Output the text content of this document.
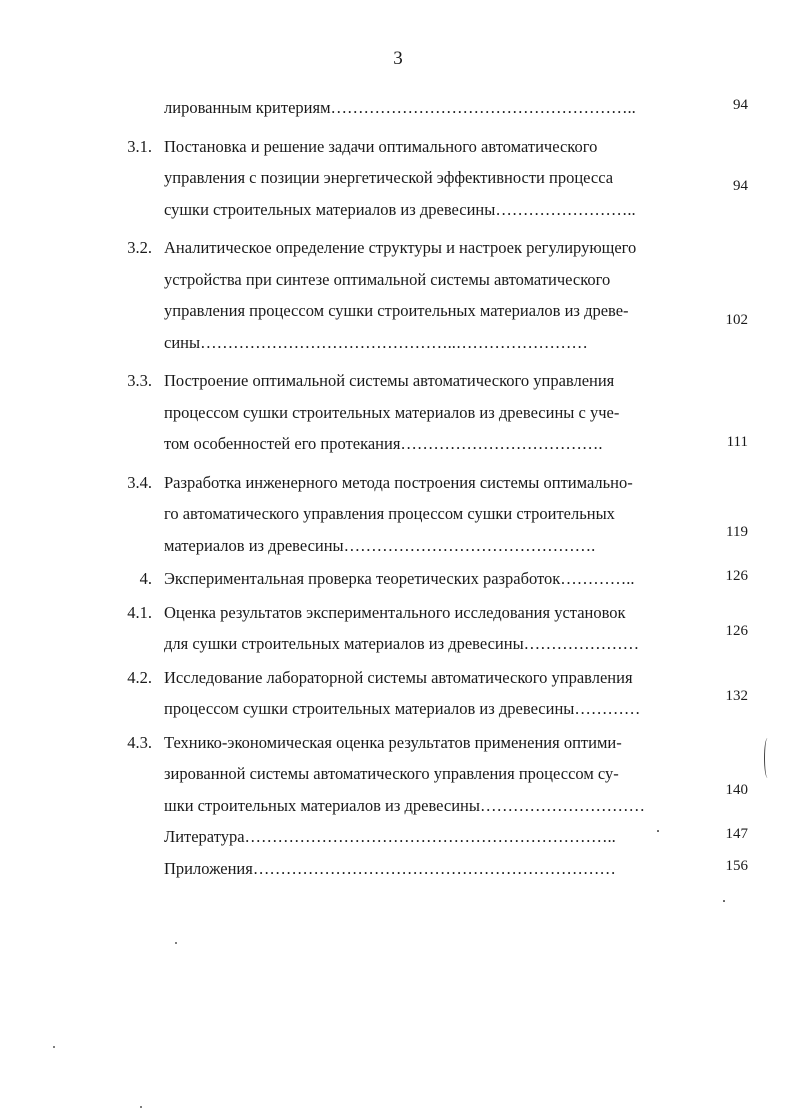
3
лированным критериям………………………………………………..	94
3.1. Постановка и решение задачи оптимального автоматического
управления с позиции энергетической эффективности процесса
сушки строительных материалов из древесины……………………..
94
3.2. Аналитическое определение структуры и настроек регулирующего
устройства при синтезе оптимальной системы автоматического
управления процессом сушки строительных материалов из древе-
сины………………………………………..……………………
102
3.3. Построение оптимальной системы автоматического управления
процессом сушки строительных материалов из древесины с уче-
том особенностей его протекания……………………………….	111
3.4. Разработка инженерного метода построения системы оптимально-
го автоматического управления процессом сушки строительных
материалов из древесины……………………………………….
119
4. Экспериментальная проверка теоретических разработок…………..	126
4.1. Оценка результатов экспериментального исследования установок
для сушки строительных материалов из древесины…………………
126
4.2. Исследование лабораторной системы автоматического управления
процессом сушки строительных материалов из древесины…………
132
4.3. Технико-экономическая оценка результатов применения оптими-
зированной системы автоматического управления процессом су-
шки строительных материалов из древесины…………………………
140
Литература…………………………………………………………..	147
Приложения…………………………………………………………	156
